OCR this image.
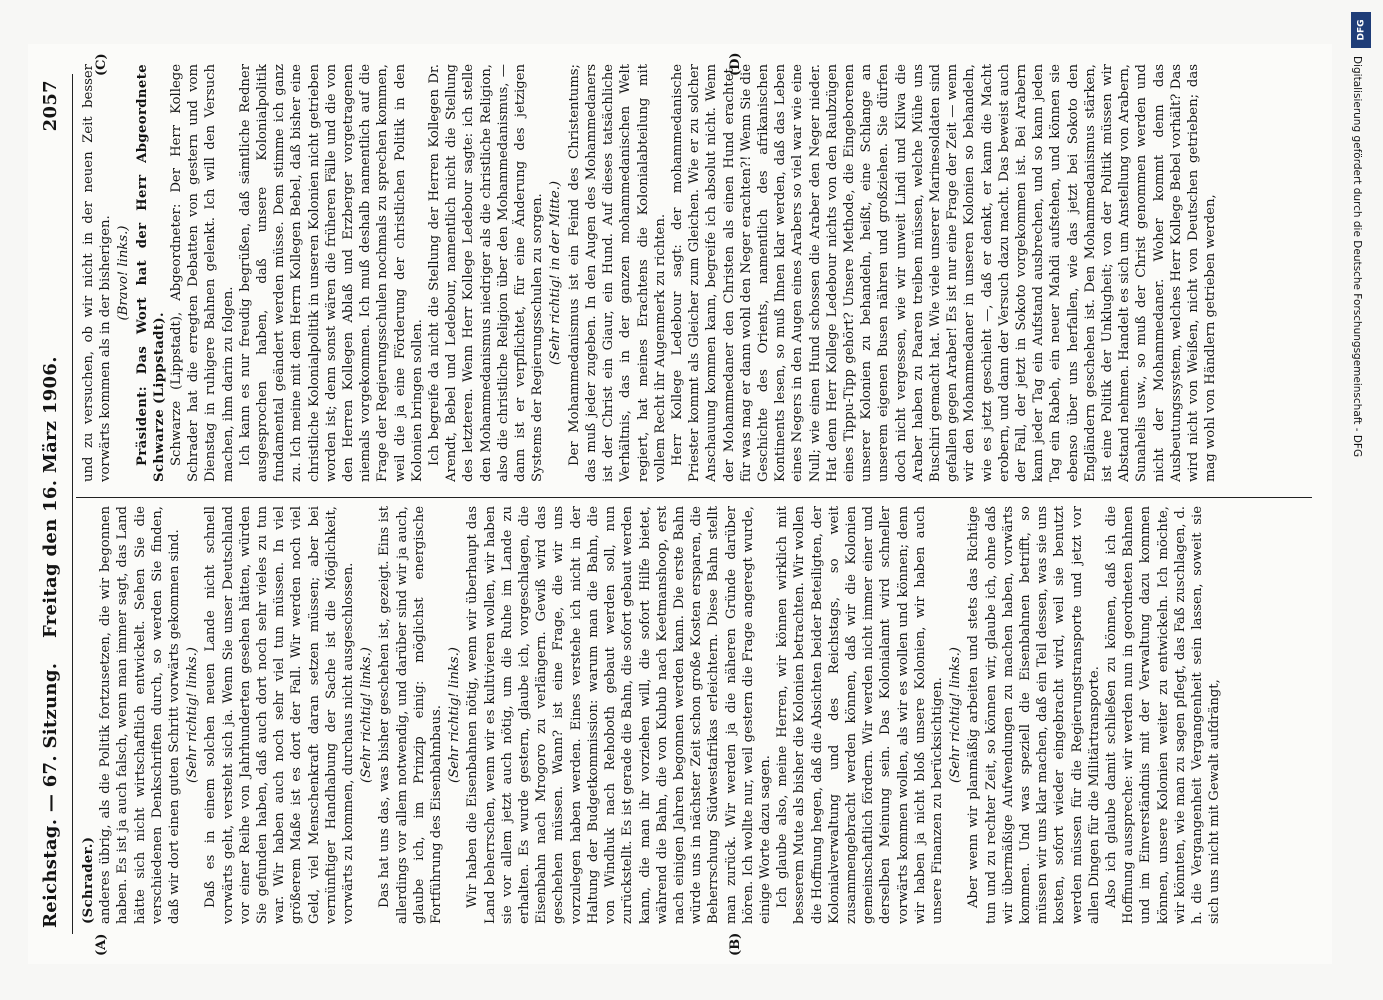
Reichstag. — 67. Sitzung.
Freitag den 16. März 1906.
2057
(A)	(B)
(C)	(D)

(Schrader.) anderes übrig, als die Politik fortzusetzen, die wir begonnen haben. Es ist ja auch falsch, wenn man immer sagt, das Land hätte sich nicht wirtschaftlich entwickelt. Sehen Sie die verschiedenen Denkschriften durch, so werden Sie finden, daß wir dort einen guten Schritt vorwärts gekommen sind. (Sehr richtig! links.) Daß es in einem solchen neuen Lande nicht schnell vorwärts geht, versteht sich ja. Wenn Sie unser Deutschland vor einer Reihe von Jahrhunderten gesehen hätten, würden Sie gefunden haben, daß auch dort noch sehr vieles zu tun war. Wir haben auch noch sehr viel tun müssen. In viel größerem Maße ist es dort der Fall. Wir werden noch viel Geld, viel Menschenkraft daran setzen müssen; aber bei vernünftiger Handhabung der Sache ist die Möglichkeit, vorwärts zu kommen, durchaus nicht ausgeschlossen. (Sehr richtig! links.) Das hat uns das, was bisher geschehen ist, gezeigt. Eins ist allerdings vor allem notwendig, und darüber sind wir ja auch, glaube ich, im Prinzip einig: möglichst energische Fortführung des Eisenbahnbaus. (Sehr richtig! links.) Wir haben die Eisenbahnen nötig, wenn wir überhaupt das Land beherrschen, wenn wir es kultivieren wollen, wir haben sie vor allem jetzt auch nötig, um die Ruhe im Lande zu erhalten. Es wurde gestern, glaube ich, vorgeschlagen, die Eisenbahn nach Mrogoro zu verlängern. Gewiß wird das geschehen müssen. Wann? ist eine Frage, die wir uns vorzulegen haben werden. Eines verstehe ich nicht in der Haltung der Budgetkommission: warum man die Bahn, die von Windhuk nach Rehoboth gebaut werden soll, nun zurückstellt. Es ist gerade die Bahn, die sofort gebaut werden kann, die man ihr vorziehen will, die sofort Hilfe bietet, während die Bahn, die von Kubub nach Keetmanshoop, erst nach einigen Jahren begonnen werden kann. Die erste Bahn würde uns in nächster Zeit schon große Kosten ersparen, die Beherrschung Südwestafrikas erleichtern. Diese Bahn stellt man zurück. Wir werden ja die näheren Gründe darüber hören. Ich wollte nur, weil gestern die Frage angeregt wurde, einige Worte dazu sagen. Ich glaube also, meine Herren, wir können wirklich mit besserem Mute als bisher die Kolonien betrachten. Wir wollen die Hoffnung hegen, daß die Absichten beider Beteiligten, der Kolonialverwaltung und des Reichstags, so weit zusammengebracht werden können, daß wir die Kolonien gemeinschaftlich fördern. Wir werden nicht immer einer und derselben Meinung sein. Das Kolonialamt wird schneller vorwärts kommen wollen, als wir es wollen und können; denn wir haben ja nicht bloß unsere Kolonien, wir haben auch unsere Finanzen zu berücksichtigen. (Sehr richtig! links.) Aber wenn wir planmäßig arbeiten und stets das Richtige tun und zu rechter Zeit, so können wir, glaube ich, ohne daß wir übermäßige Aufwendungen zu machen haben, vorwärts kommen. Und was speziell die Eisenbahnen betrifft, so müssen wir uns klar machen, daß ein Teil dessen, was sie uns kosten, sofort wieder eingebracht wird, weil sie benutzt werden müssen für die Regierungstransporte und jetzt vor allen Dingen für die Militärtransporte. Also ich glaube damit schließen zu können, daß ich die Hoffnung ausspreche: wir werden nun in geordneten Bahnen und im Einverständnis mit der Verwaltung dazu kommen können, unsere Kolonien weiter zu entwickeln. Ich möchte, wir könnten, wie man zu sagen pflegt, das Faß zuschlagen, d. h. die Vergangenheit Vergangenheit sein lassen, soweit sie sich uns nicht mit Gewalt aufdrängt,

und zu versuchen, ob wir nicht in der neuen Zeit besser vorwärts kommen als in der bisherigen. (Bravo! links.) Präsident: Das Wort hat der Herr Abgeordnete Schwarze (Lippstadt). Schwarze (Lippstadt), Abgeordneter: Der Herr Kollege Schrader hat die erregten Debatten von gestern und vom Dienstag in ruhigere Bahnen gelenkt. Ich will den Versuch machen, ihm darin zu folgen. Ich kann es nur freudig begrüßen, daß sämtliche Redner ausgesprochen haben, daß unsere Kolonialpolitik fundamental geändert werden müsse. Dem stimme ich ganz zu. Ich meine mit dem Herrn Kollegen Bebel, daß bisher eine christliche Kolonialpolitik in unseren Kolonien nicht getrieben worden ist; denn sonst wären die früheren Fälle und die von den Herren Kollegen Ablaß und Erzberger vorgetragenen niemals vorgekommen. Ich muß deshalb namentlich auf die Frage der Regierungsschulen nochmals zu sprechen kommen, weil die ja eine Förderung der christlichen Politik in den Kolonien bringen sollen. Ich begreife da nicht die Stellung der Herren Kollegen Dr. Arendt, Bebel und Ledebour, namentlich nicht die Stellung des letzteren. Wenn Herr Kollege Ledebour sagte: ich stelle den Mohammedanismus niedriger als die christliche Religion, also die christliche Religion über den Mohammedanismus, — dann ist er verpflichtet, für eine Änderung des jetzigen Systems der Regierungsschulen zu sorgen. (Sehr richtig! in der Mitte.) Der Mohammedanismus ist ein Feind des Christentums; das muß jeder zugeben. In den Augen des Mohammedaners ist der Christ ein Giaur, ein Hund. Auf dieses tatsächliche Verhältnis, das in der ganzen mohammedanischen Welt regiert, hat meines Erachtens die Kolonialabteilung mit vollem Recht ihr Augenmerk zu richten. Herr Kollege Ledebour sagt: der mohammedanische Priester kommt als Gleicher zum Gleichen. Wie er zu solcher Anschauung kommen kann, begreife ich absolut nicht. Wenn der Mohammedaner den Christen als einen Hund erachtet, für was mag er dann wohl den Neger erachten?! Wenn Sie die Geschichte des Orients, namentlich des afrikanischen Kontinents lesen, so muß Ihnen klar werden, daß das Leben eines Negers in den Augen eines Arabers so viel war wie eine Null; wie einen Hund schossen die Araber den Neger nieder. Hat denn Herr Kollege Ledebour nichts von den Raubzügen eines Tippu-Tipp gehört? Unsere Methode, die Eingeborenen unserer Kolonien zu behandeln, heißt, eine Schlange an unserem eigenen Busen nähren und großziehen. Sie dürfen doch nicht vergessen, wie wir unweit Lindi und Kilwa die Araber haben zu Paaren treiben müssen, welche Mühe uns Buschiri gemacht hat. Wie viele unserer Marinesoldaten sind gefallen gegen Araber! Es ist nur eine Frage der Zeit — wenn wir den Mohammedaner in unseren Kolonien so behandeln, wie es jetzt geschieht —, daß er denkt, er kann die Macht erobern, und dann der Versuch dazu macht. Das beweist auch der Fall, der jetzt in Sokoto vorgekommen ist. Bei Arabern kann jeder Tag ein Aufstand ausbrechen, und so kann jeden Tag ein Rabeh, ein neuer Mahdi aufstehen, und können sie ebenso über uns herfallen, wie das jetzt bei Sokoto den Engländern geschehen ist. Den Mohammedanismus stärken, ist eine Politik der Unklugheit; von der Politik müssen wir Abstand nehmen. Handelt es sich um Anstellung von Arabern, Sunahelis usw., so muß der Christ genommen werden und nicht der Mohammedaner. Woher kommt denn das Ausbeutungssystem, welches Herr Kollege Bebel vorhält? Das wird nicht von Weißen, nicht von Deutschen getrieben; das mag wohl von Händlern getrieben werden,

DFG
Digitalisierung gefördert durch die Deutsche Forschungsgemeinschaft - DFG
